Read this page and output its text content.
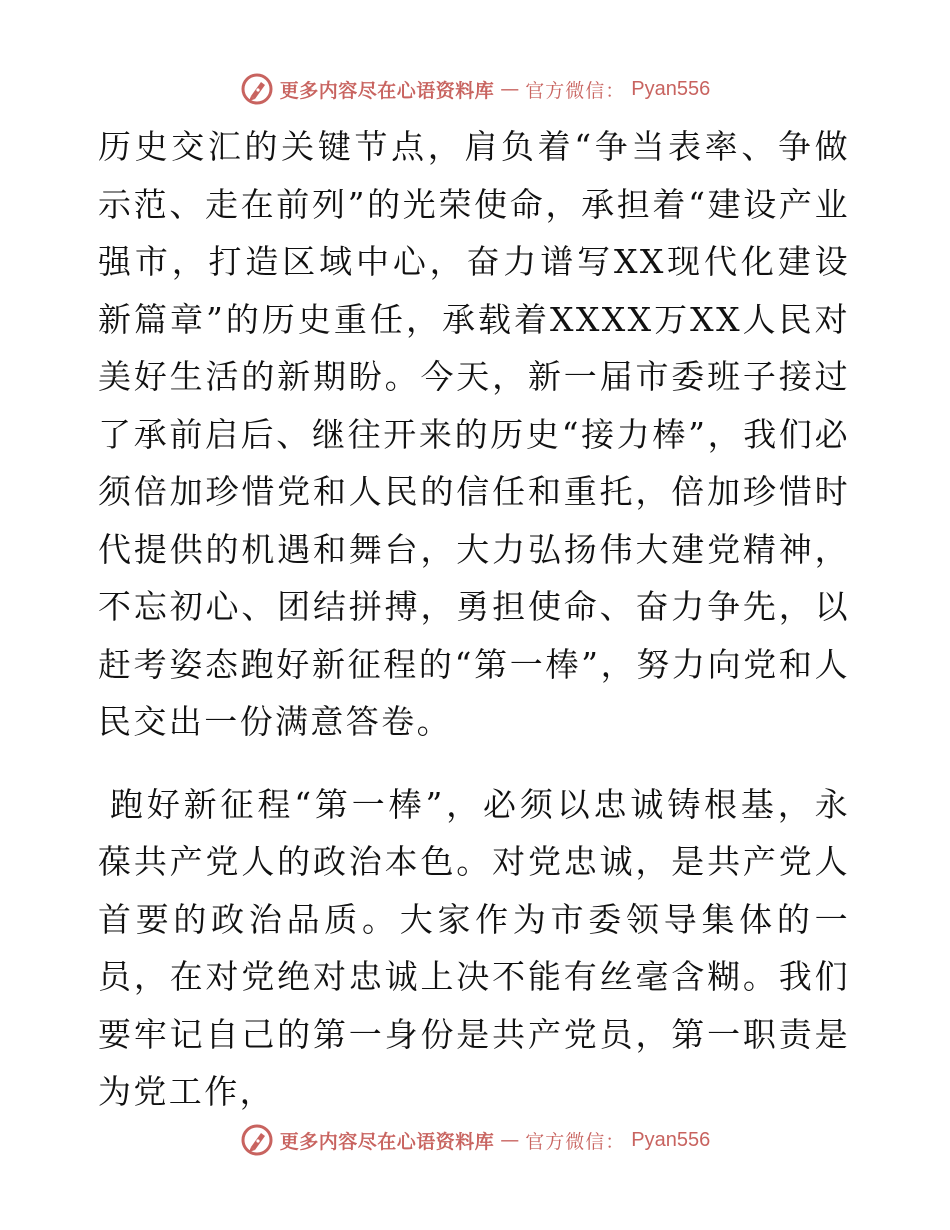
更多内容尽在心语资料库 — 官方微信： Pyan556

历史交汇的关键节点，肩负着“争当表率、争做示范、走在前列”的光荣使命，承担着“建设产业强市，打造区域中心，奋力谱写XX现代化建设新篇章”的历史重任，承载着XXXX万XX人民对美好生活的新期盼。今天，新一届市委班子接过了承前启后、继往开来的历史“接力棒”，我们必须倍加珍惜党和人民的信任和重托，倍加珍惜时代提供的机遇和舞台，大力弘扬伟大建党精神，不忘初心、团结拼搏，勇担使命、奋力争先，以赶考姿态跑好新征程的“第一棒”，努力向党和人民交出一份满意答卷。

跑好新征程“第一棒”，必须以忠诚铸根基，永葆共产党人的政治本色。对党忠诚，是共产党人首要的政治品质。大家作为市委领导集体的一员，在对党绝对忠诚上决不能有丝毫含糊。我们要牢记自己的第一身份是共产党员，第一职责是为党工作，

更多内容尽在心语资料库 — 官方微信： Pyan556
